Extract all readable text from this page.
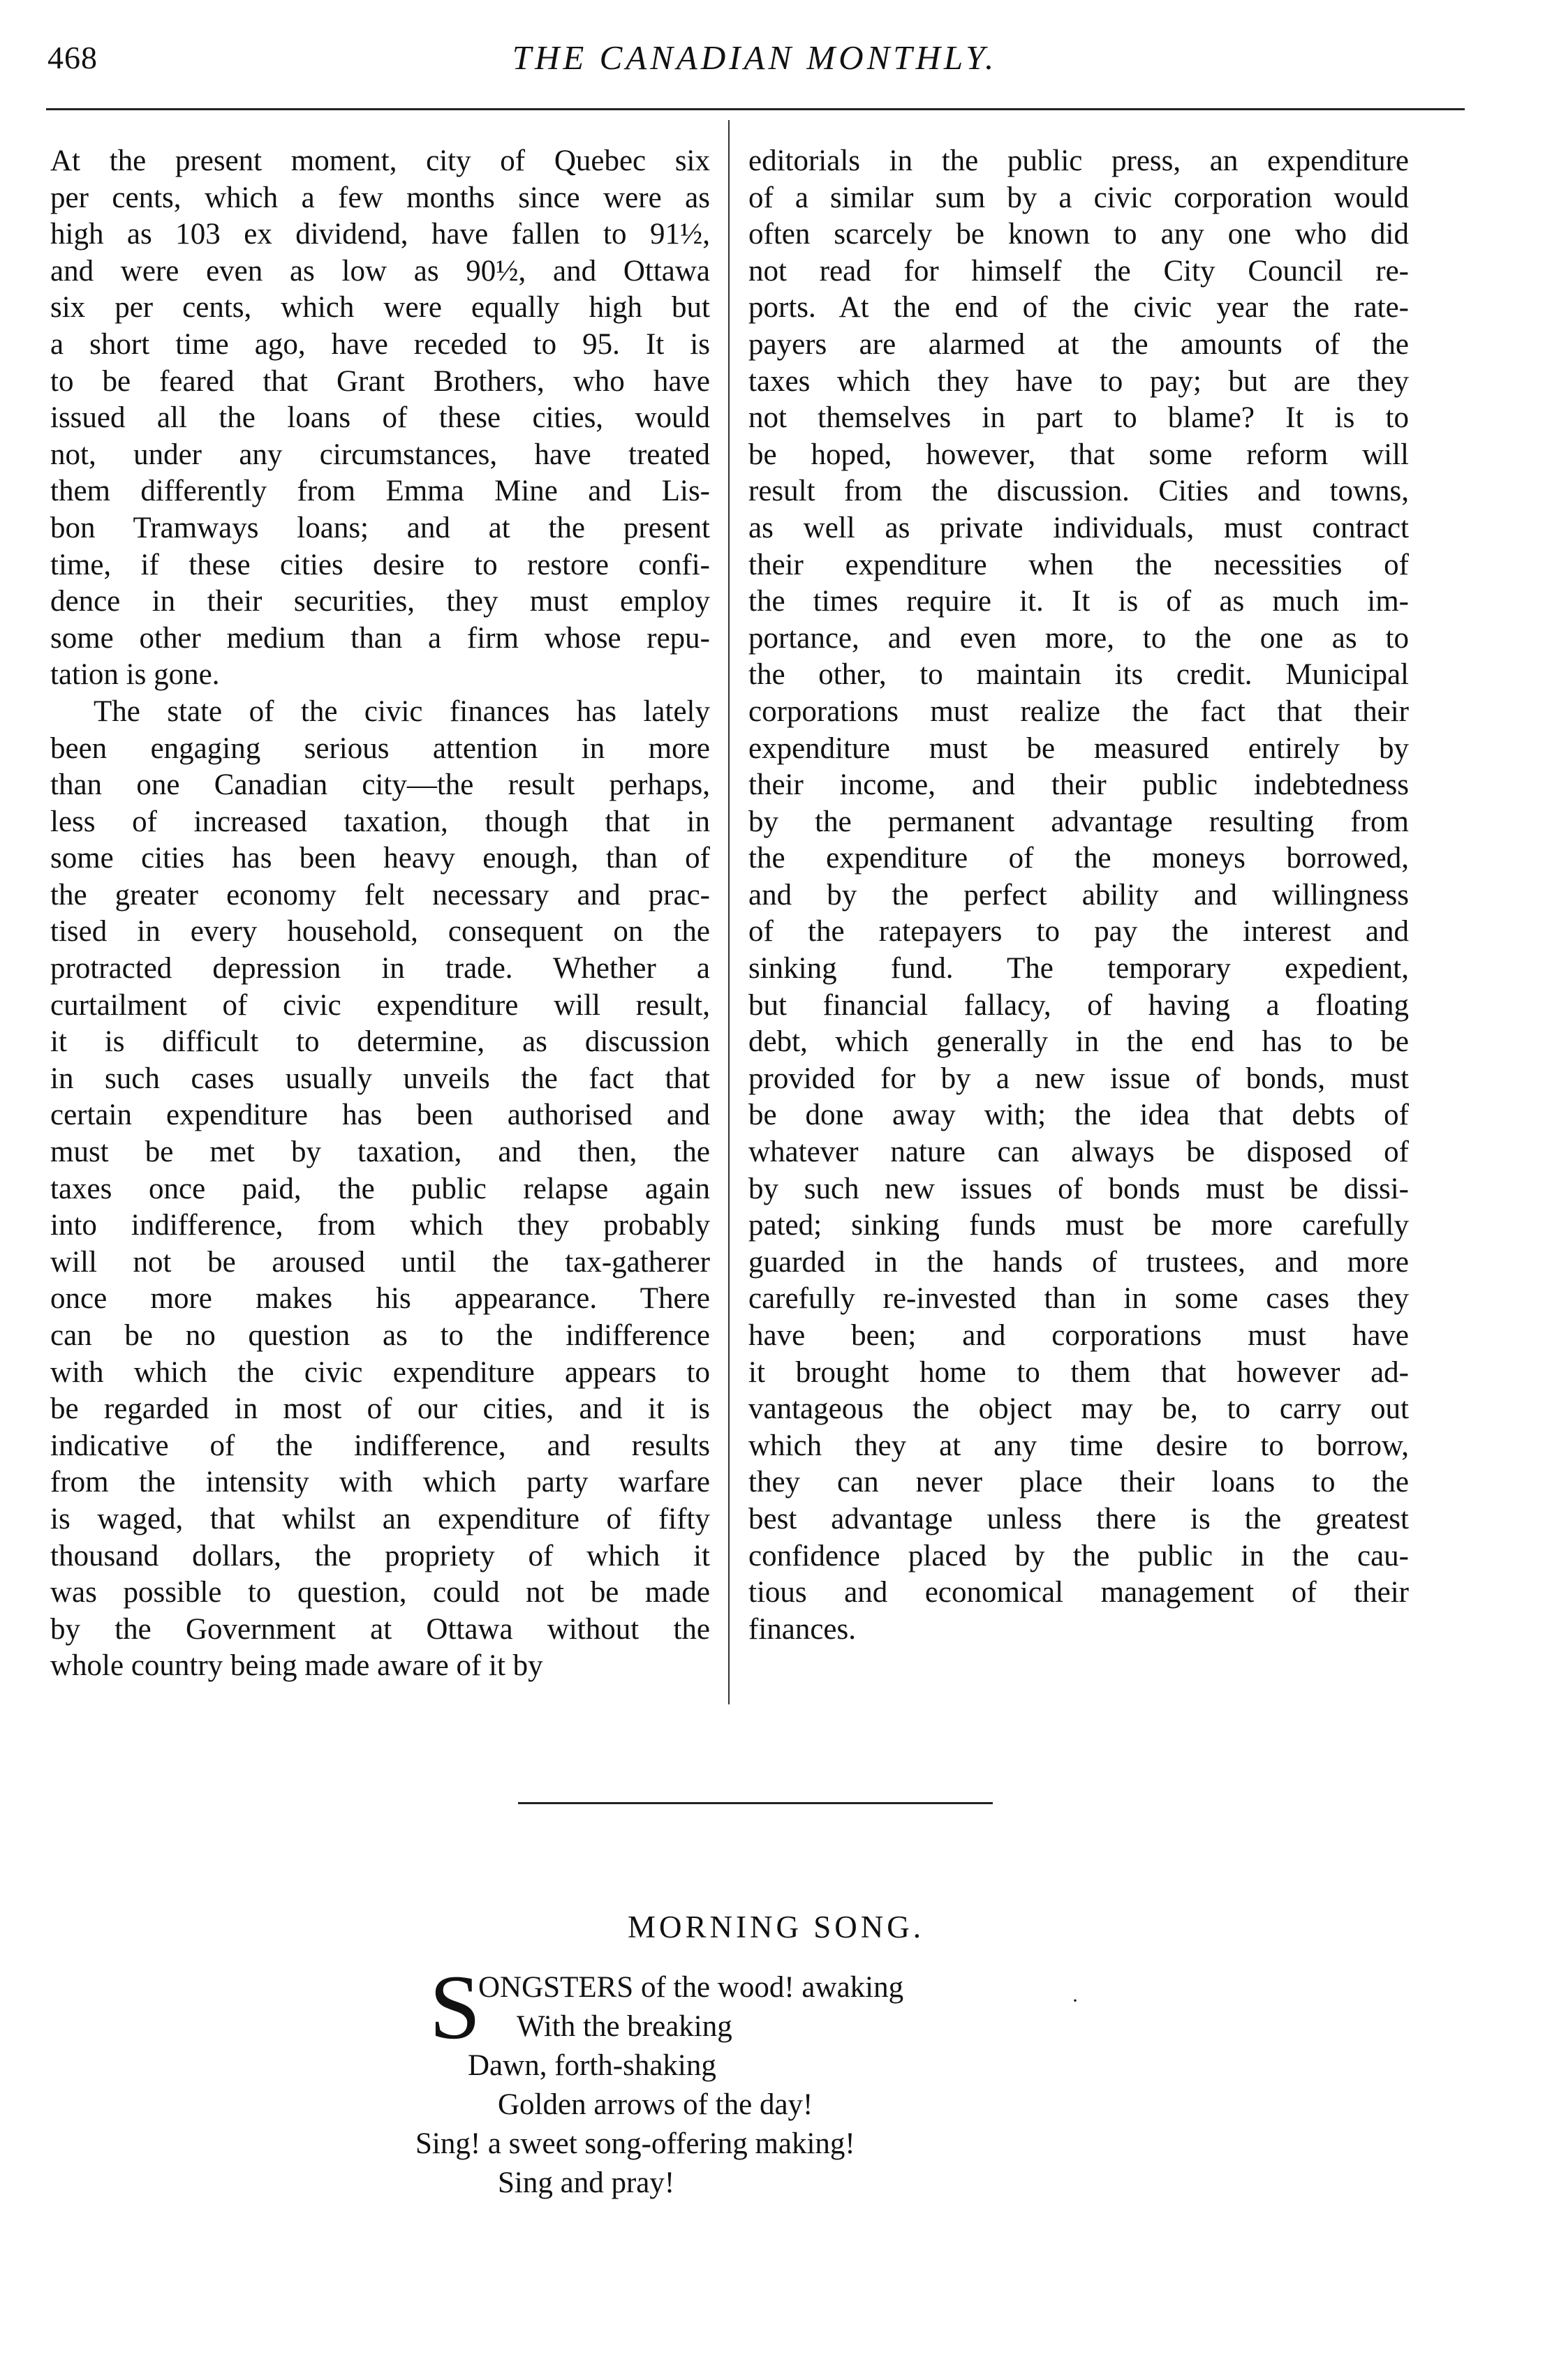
468	THE CANADIAN MONTHLY.
At the present moment, city of Quebec six
per cents, which a few months since were as
high as 103 ex dividend, have fallen to 91½,
and were even as low as 90½, and Ottawa
six per cents, which were equally high but
a short time ago, have receded to 95. It is
to be feared that Grant Brothers, who have
issued all the loans of these cities, would
not, under any circumstances, have treated
them differently from Emma Mine and Lis-
bon Tramways loans; and at the present
time, if these cities desire to restore confi-
dence in their securities, they must employ
some other medium than a firm whose repu-
tation is gone.
The state of the civic finances has lately
been engaging serious attention in more
than one Canadian city—the result perhaps,
less of increased taxation, though that in
some cities has been heavy enough, than of
the greater economy felt necessary and prac-
tised in every household, consequent on the
protracted depression in trade. Whether a
curtailment of civic expenditure will result,
it is difficult to determine, as discussion
in such cases usually unveils the fact that
certain expenditure has been authorised and
must be met by taxation, and then, the
taxes once paid, the public relapse again
into indifference, from which they probably
will not be aroused until the tax-gatherer
once more makes his appearance. There
can be no question as to the indifference
with which the civic expenditure appears to
be regarded in most of our cities, and it is
indicative of the indifference, and results
from the intensity with which party warfare
is waged, that whilst an expenditure of fifty
thousand dollars, the propriety of which it
was possible to question, could not be made
by the Government at Ottawa without the
whole country being made aware of it by
editorials in the public press, an expenditure
of a similar sum by a civic corporation would
often scarcely be known to any one who did
not read for himself the City Council re-
ports. At the end of the civic year the rate-
payers are alarmed at the amounts of the
taxes which they have to pay; but are they
not themselves in part to blame? It is to
be hoped, however, that some reform will
result from the discussion. Cities and towns,
as well as private individuals, must contract
their expenditure when the necessities of
the times require it. It is of as much im-
portance, and even more, to the one as to
the other, to maintain its credit. Municipal
corporations must realize the fact that their
expenditure must be measured entirely by
their income, and their public indebtedness
by the permanent advantage resulting from
the expenditure of the moneys borrowed,
and by the perfect ability and willingness
of the ratepayers to pay the interest and
sinking fund. The temporary expedient,
but financial fallacy, of having a floating
debt, which generally in the end has to be
provided for by a new issue of bonds, must
be done away with; the idea that debts of
whatever nature can always be disposed of
by such new issues of bonds must be dissi-
pated; sinking funds must be more carefully
guarded in the hands of trustees, and more
carefully re-invested than in some cases they
have been; and corporations must have
it brought home to them that however ad-
vantageous the object may be, to carry out
which they at any time desire to borrow,
they can never place their loans to the
best advantage unless there is the greatest
confidence placed by the public in the cau-
tious and economical management of their
finances.
MORNING SONG.
S
ONGSTERS of the wood! awaking
With the breaking
Dawn, forth-shaking
Golden arrows of the day!
Sing! a sweet song-offering making!
Sing and pray!
·
